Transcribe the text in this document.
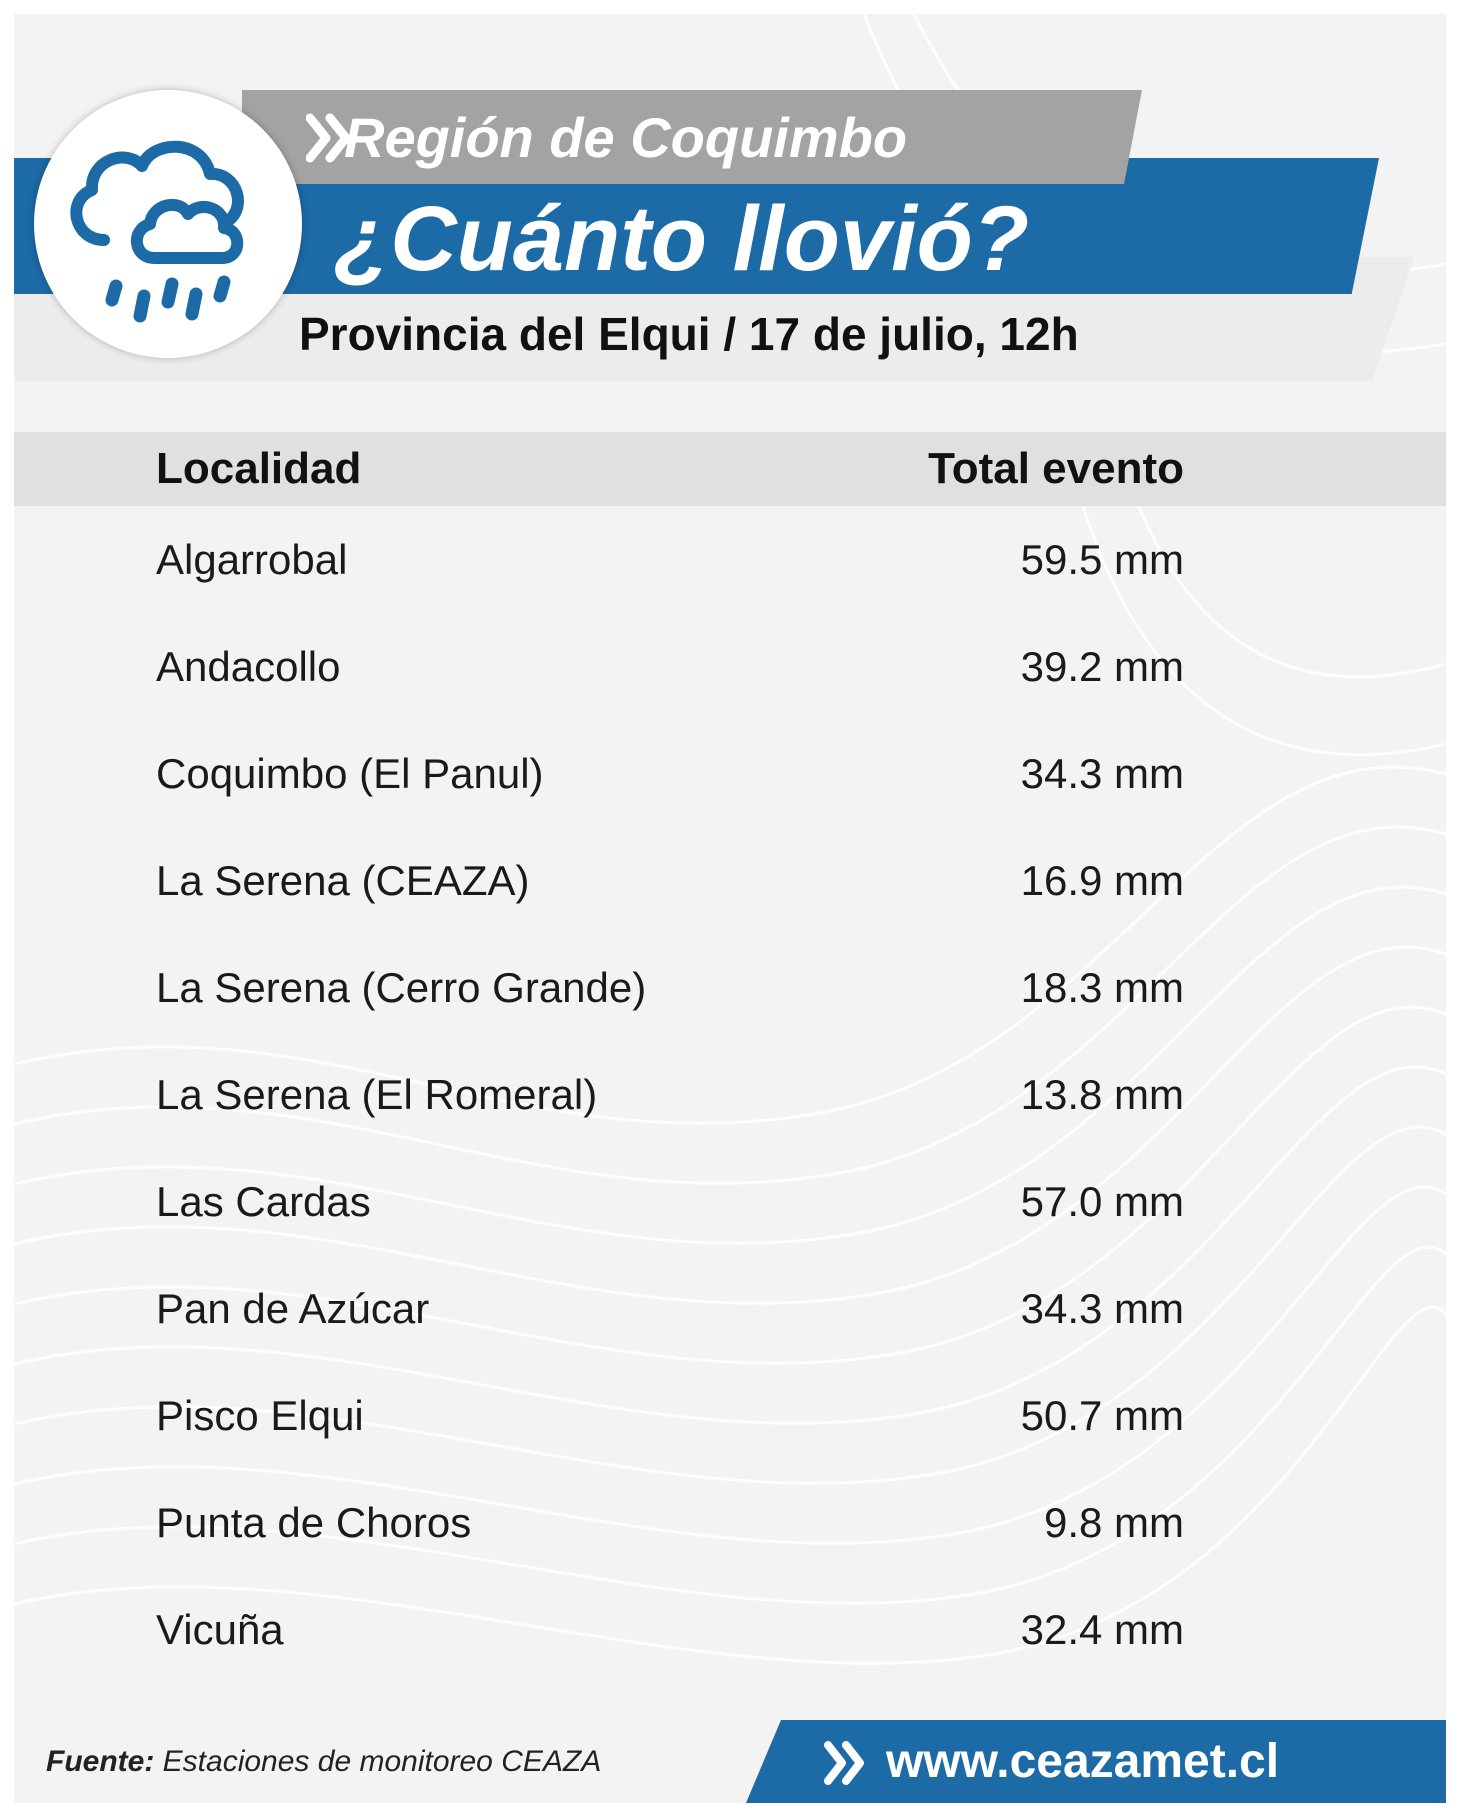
Región de Coquimbo
¿Cuánto llovió?
Provincia del Elqui / 17 de julio, 12h
Localidad	Total evento
Algarrobal	59.5 mm
Andacollo	39.2 mm
Coquimbo (El Panul)	34.3 mm
La Serena (CEAZA)	16.9 mm
La Serena (Cerro Grande)	18.3 mm
La Serena (El Romeral)	13.8 mm
Las Cardas	57.0 mm
Pan de Azúcar	34.3 mm
Pisco Elqui	50.7 mm
Punta de Choros	9.8 mm
Vicuña	32.4 mm
Fuente: Estaciones de monitoreo CEAZA	www.ceazamet.cl
